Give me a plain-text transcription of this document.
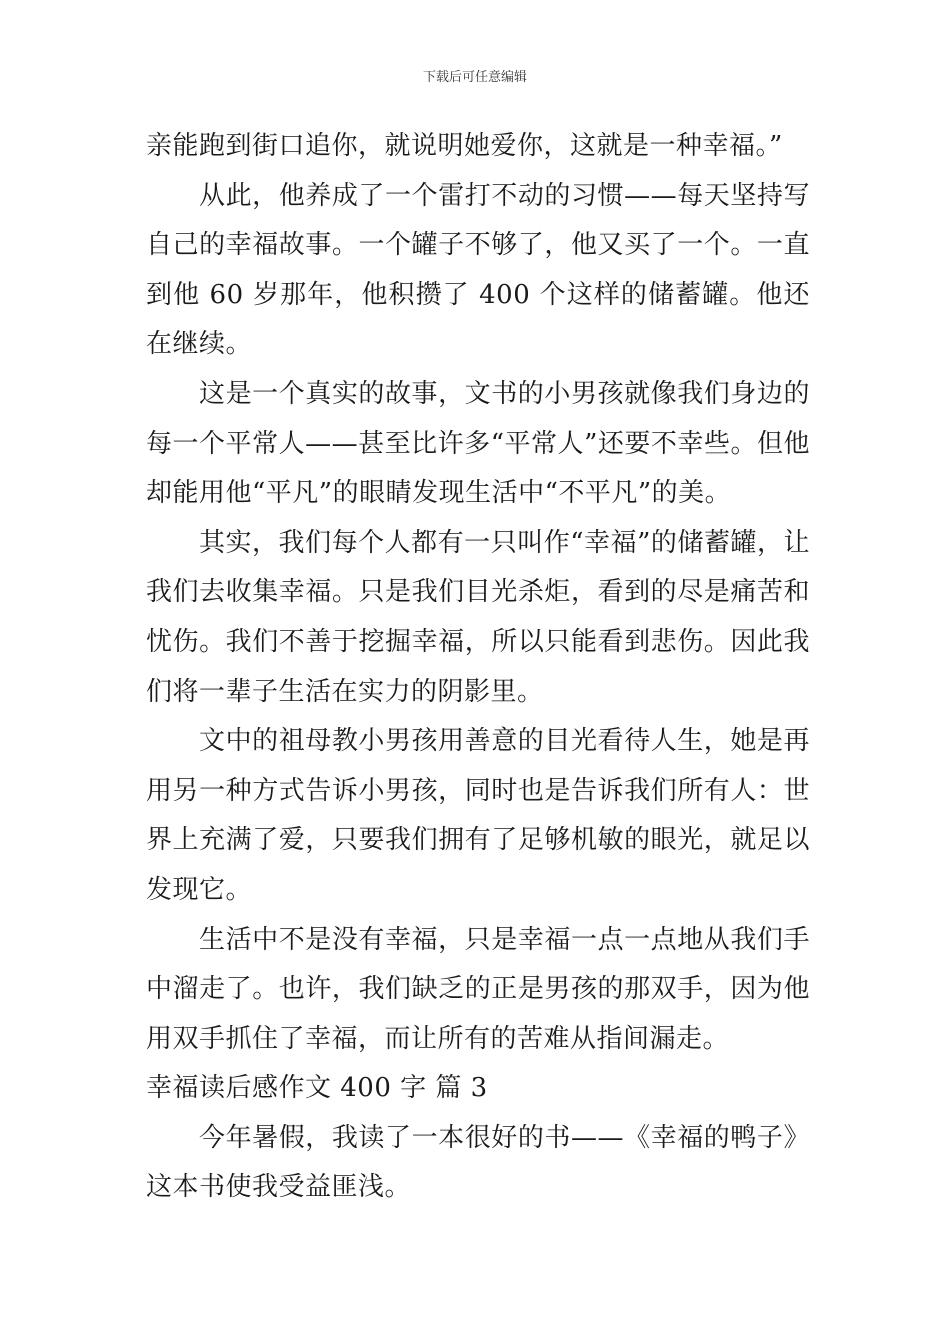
下载后可任意编辑

亲能跑到街口追你，就说明她爱你，这就是一种幸福。”

从此，他养成了一个雷打不动的习惯——每天坚持写自己的幸福故事。一个罐子不够了，他又买了一个。一直到他 60 岁那年，他积攒了 400 个这样的储蓄罐。他还在继续。

这是一个真实的故事，文书的小男孩就像我们身边的每一个平常人——甚至比许多“平常人”还要不幸些。但他却能用他“平凡”的眼睛发现生活中“不平凡”的美。

其实，我们每个人都有一只叫作“幸福”的储蓄罐，让我们去收集幸福。只是我们目光杀炬，看到的尽是痛苦和忧伤。我们不善于挖掘幸福，所以只能看到悲伤。因此我们将一辈子生活在实力的阴影里。

文中的祖母教小男孩用善意的目光看待人生，她是再用另一种方式告诉小男孩，同时也是告诉我们所有人：世界上充满了爱，只要我们拥有了足够机敏的眼光，就足以发现它。

生活中不是没有幸福，只是幸福一点一点地从我们手中溜走了。也许，我们缺乏的正是男孩的那双手，因为他用双手抓住了幸福，而让所有的苦难从指间漏走。

幸福读后感作文 400 字 篇 3

今年暑假，我读了一本很好的书——《幸福的鸭子》这本书使我受益匪浅。
